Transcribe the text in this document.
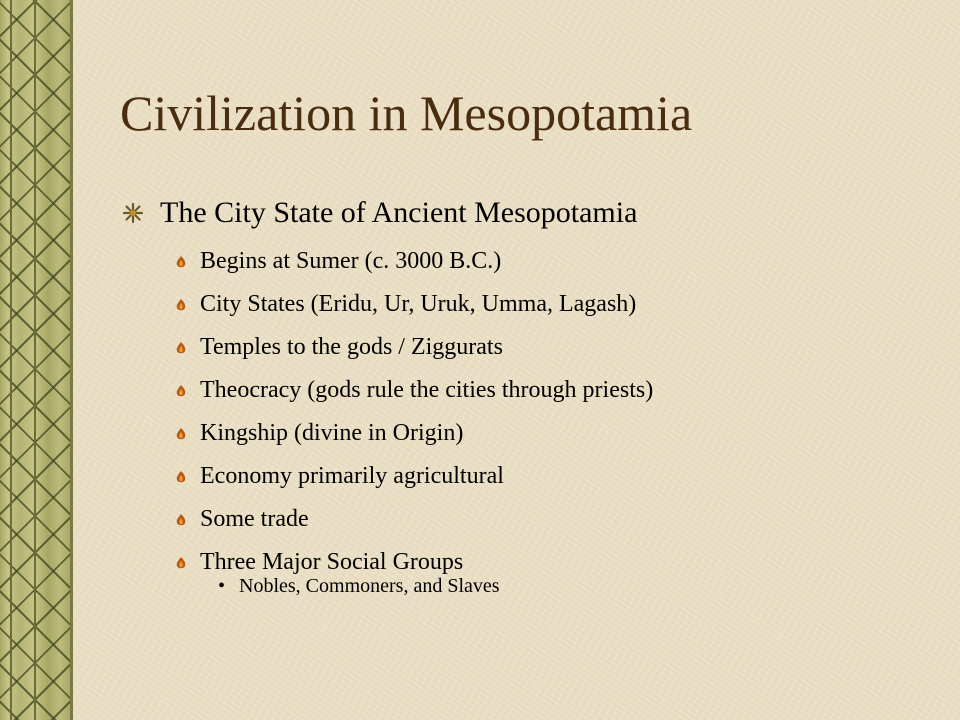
Civilization in Mesopotamia
The City State of Ancient Mesopotamia
Begins at Sumer (c. 3000 B.C.)
City States (Eridu, Ur, Uruk, Umma, Lagash)
Temples to the gods / Ziggurats
Theocracy (gods rule the cities through priests)
Kingship (divine in Origin)
Economy primarily agricultural
Some trade
Three Major Social Groups
• Nobles, Commoners, and Slaves
